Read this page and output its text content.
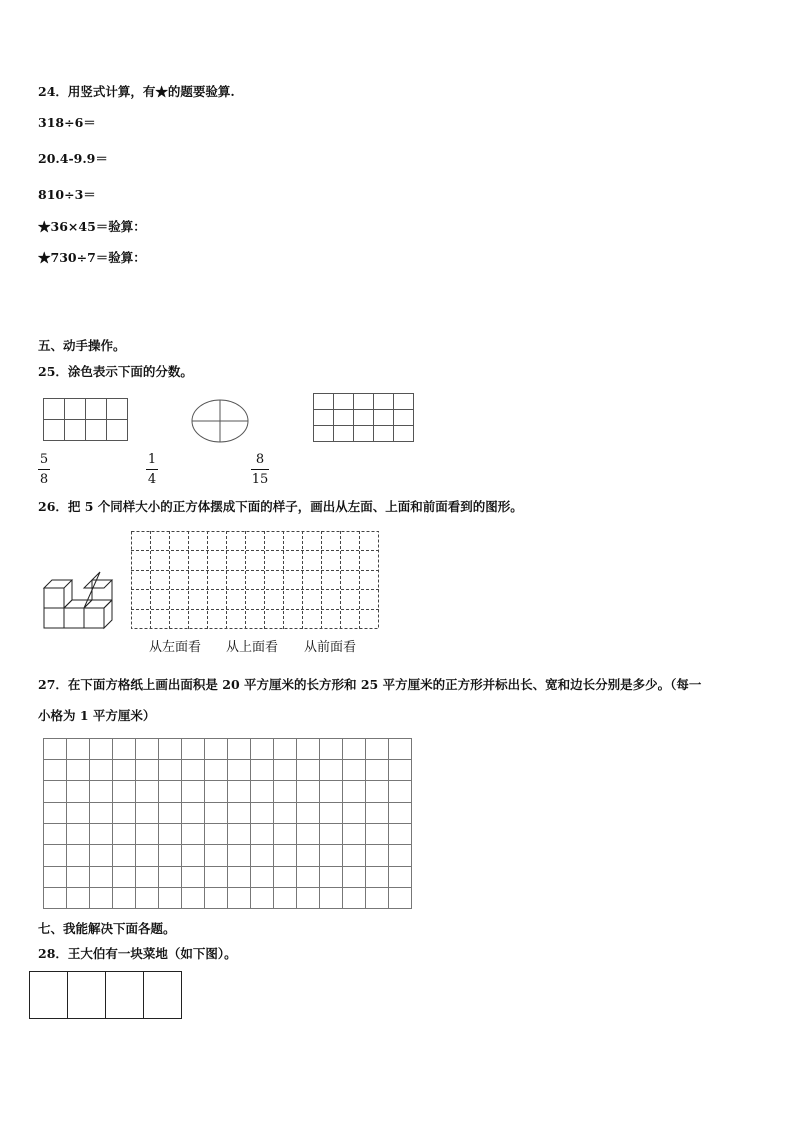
24．用竖式计算，有★的题要验算.
318÷6＝
20.4-9.9＝
810÷3＝
★36×45＝验算：
★730÷7＝验算：
五、动手操作。
25．涂色表示下面的分数。

5
8
1
4
8
15
26．把 5 个同样大小的正方体摆成下面的样子，画出从左面、上面和前面看到的图形。
从左面看 从上面看 从前面看
27．在下面方格纸上画出面积是 20 平方厘米的长方形和 25 平方厘米的正方形并标出长、宽和边长分别是多少。（每一
小格为 1 平方厘米）
七、我能解决下面各题。
28．王大伯有一块菜地（如下图）。
